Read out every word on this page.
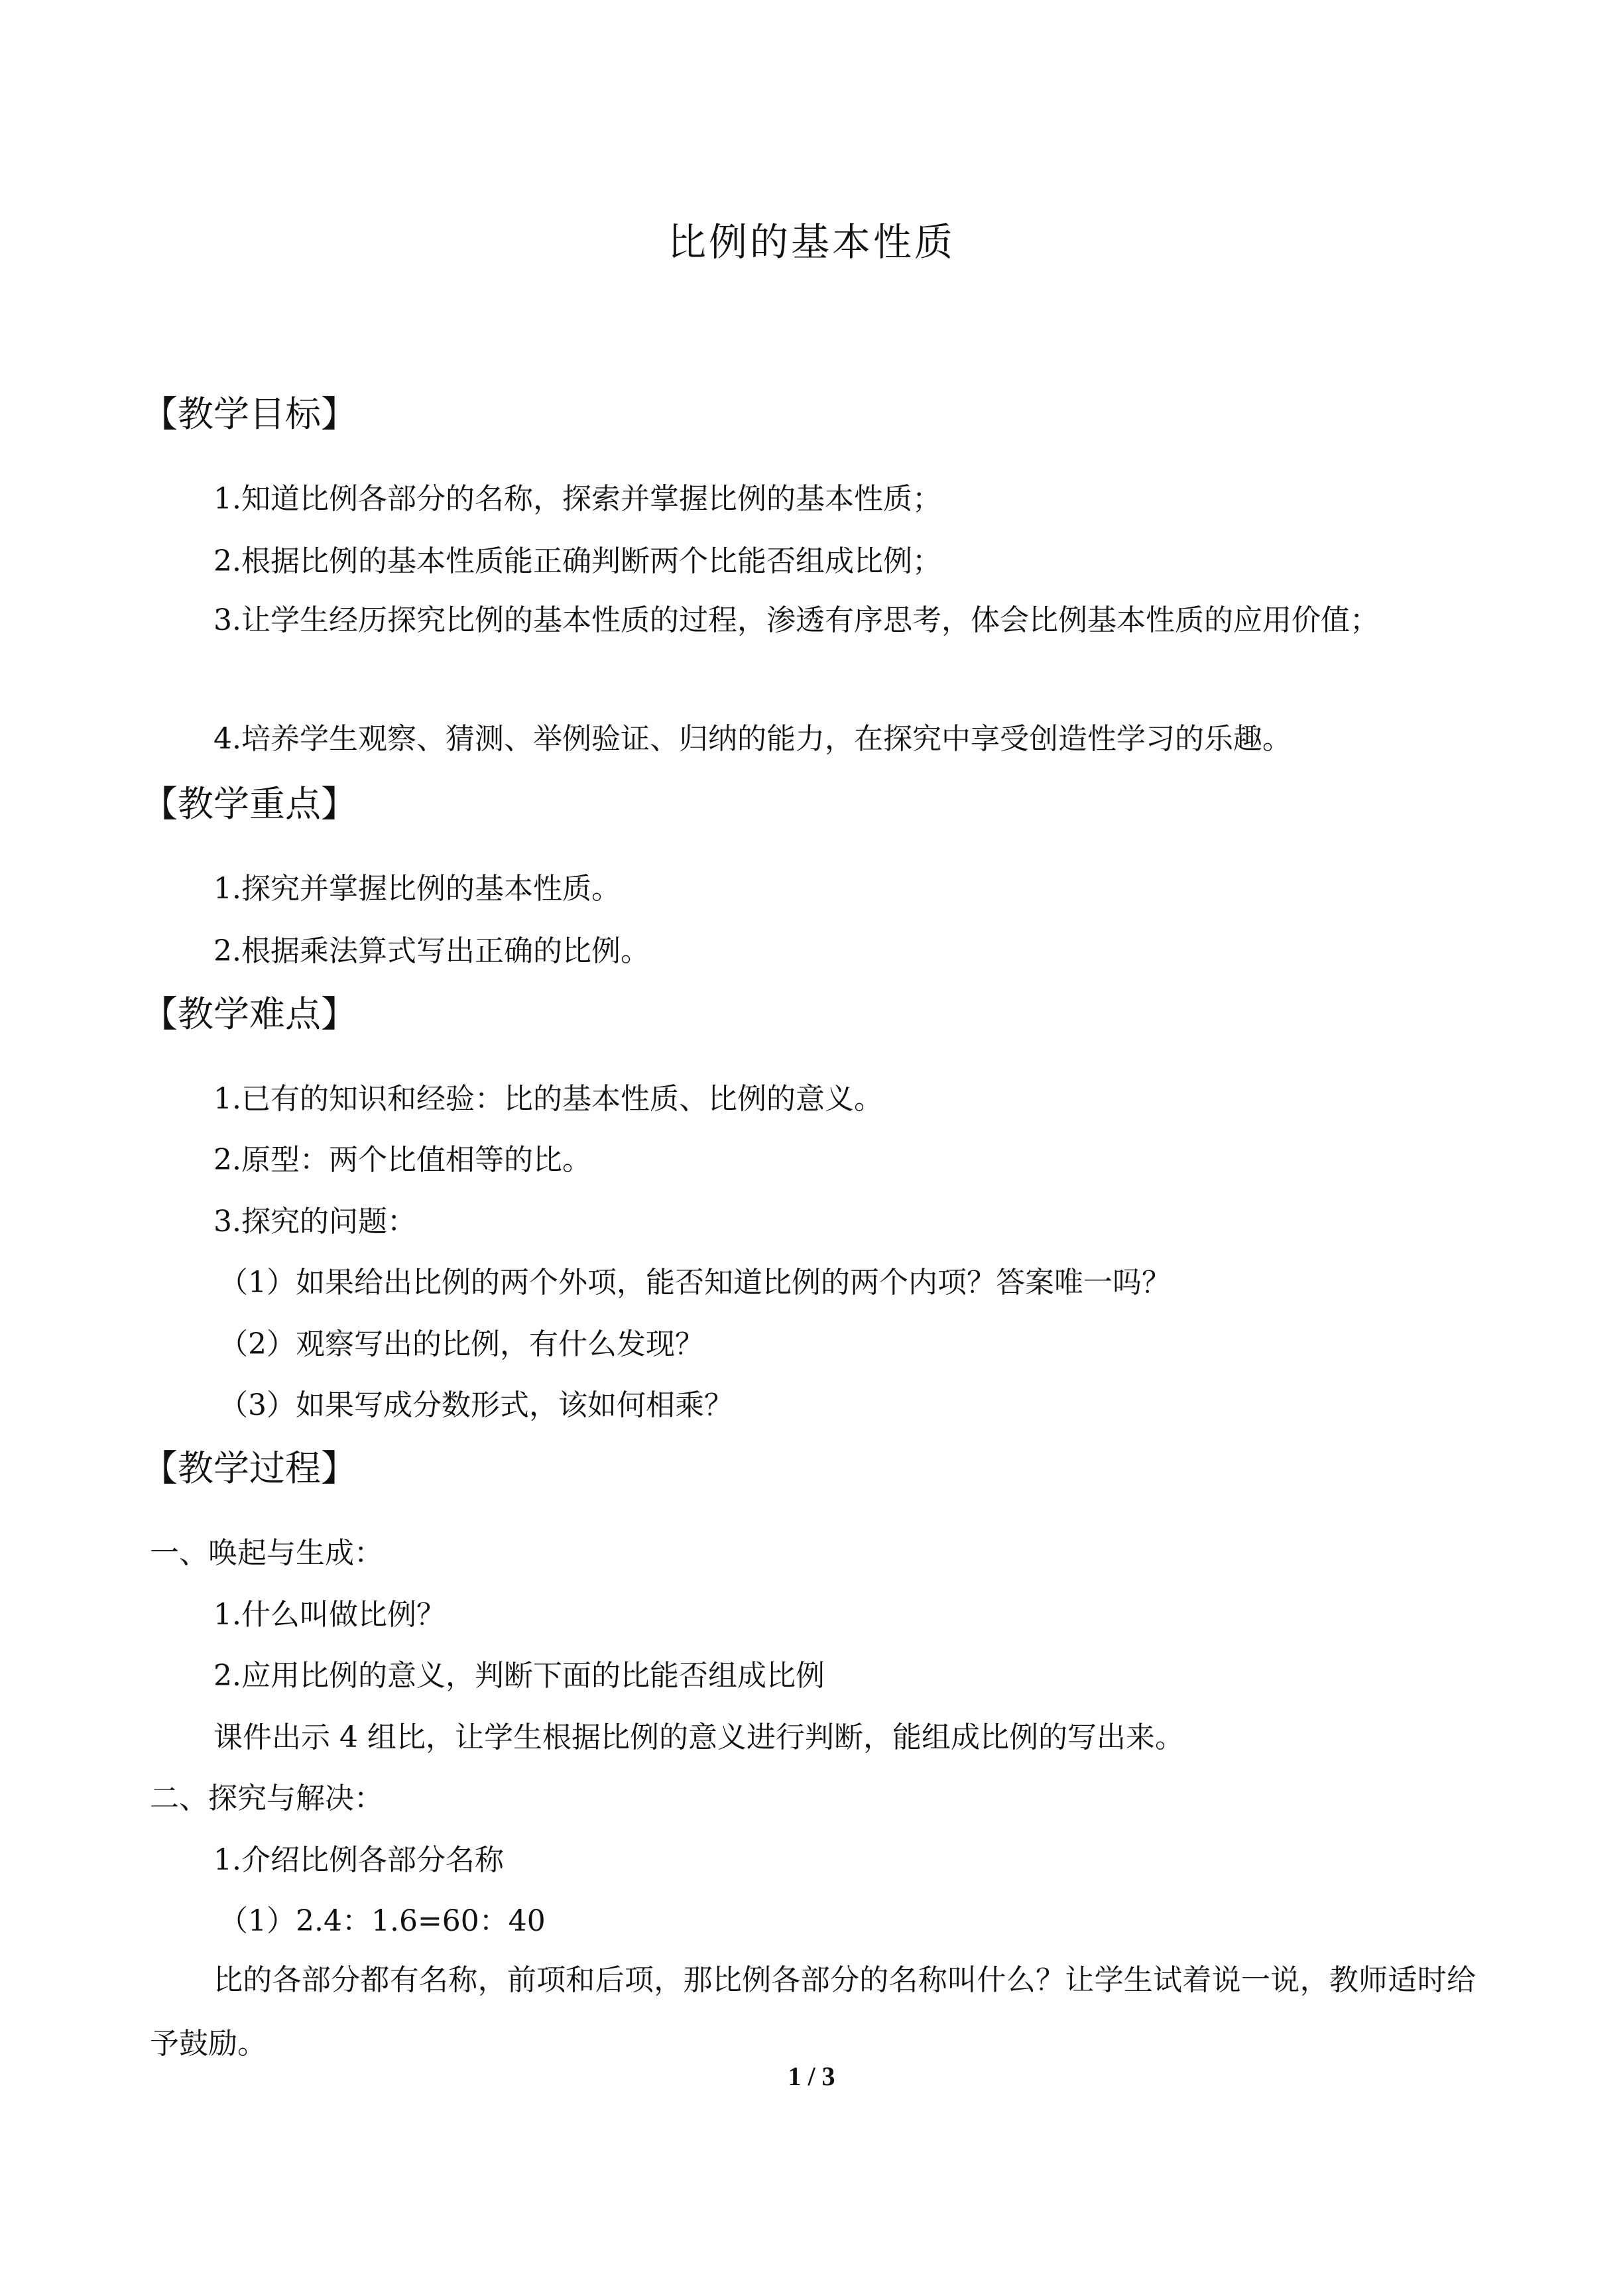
比例的基本性质
【教学目标】
1.知道比例各部分的名称，探索并掌握比例的基本性质；
2.根据比例的基本性质能正确判断两个比能否组成比例；
3.让学生经历探究比例的基本性质的过程，渗透有序思考，体会比例基本性质的应用价值；
4.培养学生观察、猜测、举例验证、归纳的能力，在探究中享受创造性学习的乐趣。
【教学重点】
1.探究并掌握比例的基本性质。
2.根据乘法算式写出正确的比例。
【教学难点】
1.已有的知识和经验：比的基本性质、比例的意义。
2.原型：两个比值相等的比。
3.探究的问题：
（1）如果给出比例的两个外项，能否知道比例的两个内项？答案唯一吗？
（2）观察写出的比例，有什么发现？
（3）如果写成分数形式，该如何相乘？
【教学过程】
一、唤起与生成：
1.什么叫做比例？
2.应用比例的意义，判断下面的比能否组成比例
课件出示 4 组比，让学生根据比例的意义进行判断，能组成比例的写出来。
二、探究与解决：
1.介绍比例各部分名称
（1）2.4：1.6=60：40
比的各部分都有名称，前项和后项，那比例各部分的名称叫什么？让学生试着说一说，教师适时给予鼓励。
1 / 3
